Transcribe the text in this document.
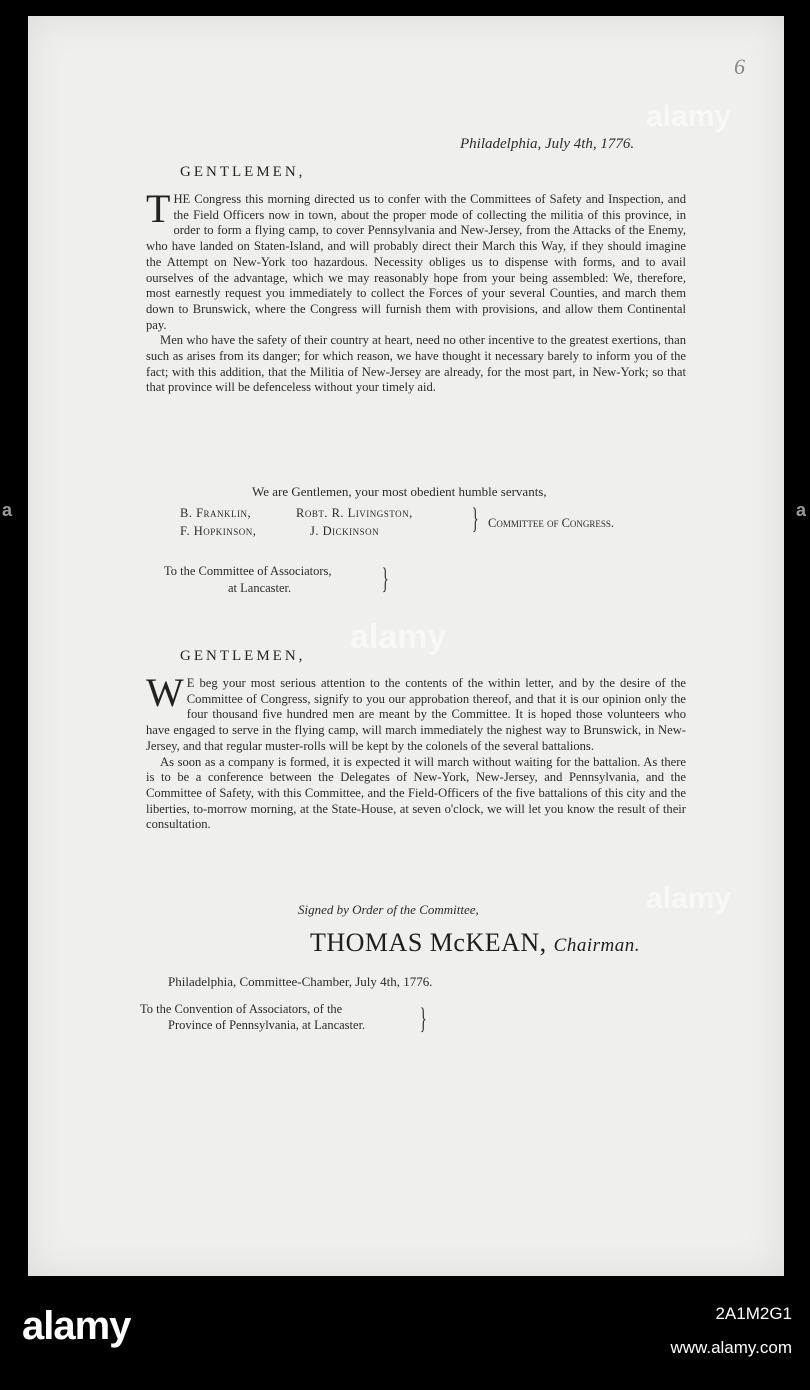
6
Philadelphia, July 4th, 1776.
GENTLEMEN,

THE Congress this morning directed us to confer with the Committees of Safety and Inspection, and the Field Officers now in town, about the proper mode of collecting the militia of this province, in order to form a flying camp, to cover Pennsylvania and New-Jersey, from the Attacks of the Enemy, who have landed on Staten-Island, and will probably direct their March this Way, if they should imagine the Attempt on New-York too hazardous. Necessity obliges us to dispense with forms, and to avail ourselves of the advantage, which we may reasonably hope from your being assembled: We, therefore, most earnestly request you immediately to collect the Forces of your several Counties, and march them down to Brunswick, where the Congress will furnish them with provisions, and allow them Continental pay.

Men who have the safety of their country at heart, need no other incentive to the greatest exertions, than such as arises from its danger; for which reason, we have thought it necessary barely to inform you of the fact; with this addition, that the Militia of New-Jersey are already, for the most part, in New-York; so that that province will be defenceless without your timely aid.

We are Gentlemen, your most obedient humble servants,
B. Franklin,	Robt. R. Livingston,
F. Hopkinson,	J. Dickinson	} Committee of Congress.
To the Committee of Associators,
at Lancaster.	}
GENTLEMEN,

W E beg your most serious attention to the contents of the within letter, and by the desire of the Committee of Congress, signify to you our approbation thereof, and that it is our opinion only the four thousand five hundred men are meant by the Committee. It is hoped those volunteers who have engaged to serve in the flying camp, will march immediately the nighest way to Brunswick, in New-Jersey, and that regular muster-rolls will be kept by the colonels of the several battalions.

As soon as a company is formed, it is expected it will march without waiting for the battalion. As there is to be a conference between the Delegates of New-York, New-Jersey, and Pennsylvania, and the Committee of Safety, with this Committee, and the Field-Officers of the five battalions of this city and the liberties, to-morrow morning, at the State-House, at seven o'clock, we will let you know the result of their consultation.

Signed by Order of the Committee,
THOMAS McKEAN, Chairman.
Philadelphia, Committee-Chamber, July 4th, 1776.
To the Convention of Associators, of the
Province of Pennsylvania, at Lancaster. }
alamy
alamy
alamy
a	a
alamy	2A1M2G1
www.alamy.com
